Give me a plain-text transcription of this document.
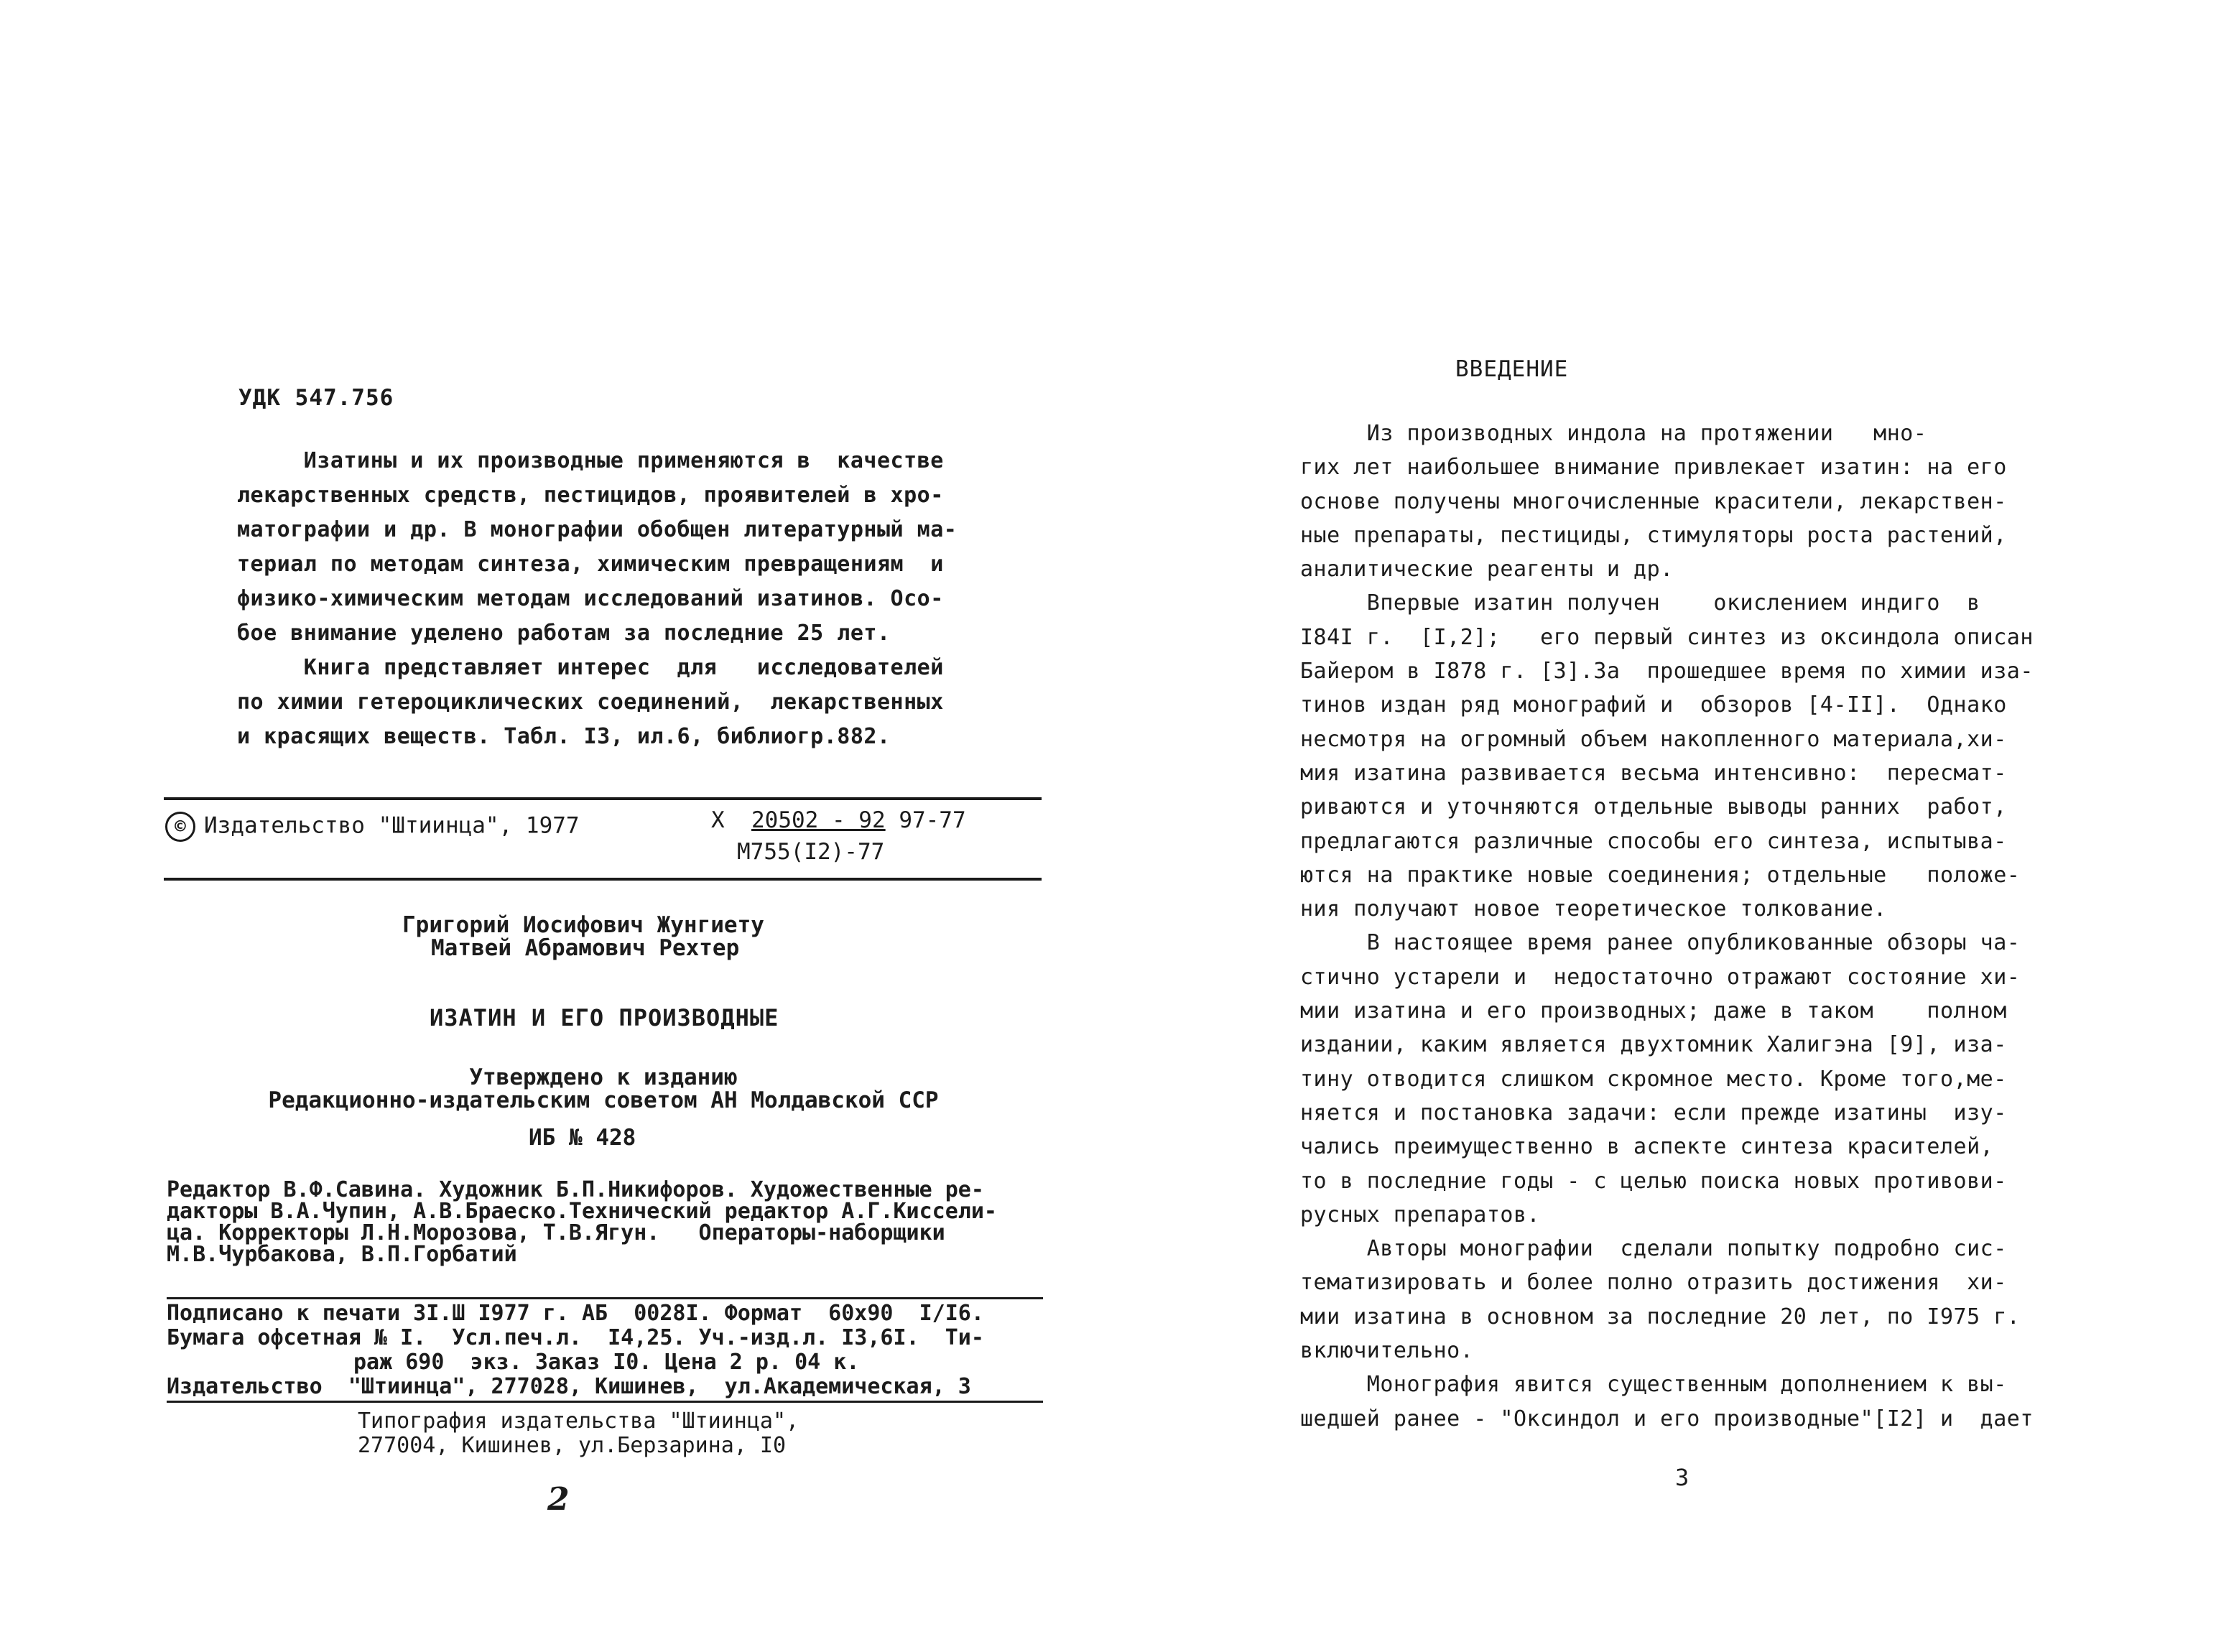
УДК 547.756
Изатины и их производные применяются в  качестве
лекарственных средств, пестицидов, проявителей в хро-
матографии и др. В монографии обобщен литературный ма-
териал по методам синтеза, химическим превращениям  и
физико-химическим методам исследований изатинов. Осо-
бое внимание уделено работам за последние 25 лет.
Книга представляет интерес  для   исследователей
по химии гетероциклических соединений,  лекарственных
и красящих веществ. Табл. I3, ил.6, библиогр.882.
© Издательство "Штиинца", 1977	Х 20502 - 92 97-77
М755(I2)-77
Григорий Иосифович Жунгиету
Матвей Абрамович Рехтер
ИЗАТИН И ЕГО ПРОИЗВОДНЫЕ
Утверждено к изданию
Редакционно-издательским советом АН Молдавской ССР
ИБ № 428
Редактор В.Ф.Савина. Художник Б.П.Никифоров. Художественные ре-
дакторы В.А.Чупин, А.В.Браеско.Технический редактор А.Г.Киссели-
ца. Корректоры Л.Н.Морозова, Т.В.Ягун.   Операторы-наборщики
М.В.Чурбакова, В.П.Горбатий
Подписано к печати 3I.Ш I977 г. АБ  0028I. Формат  60х90  I/I6.
Бумага офсетная № I.  Усл.печ.л.  I4,25. Уч.-изд.л. I3,6I.  Ти-
раж 690  экз. Заказ I0. Цена 2 р. 04 к.
Издательство  "Штиинца", 277028, Кишинев,  ул.Академическая, 3
Типография издательства "Штиинца",
277004, Кишинев, ул.Берзарина, I0
2
ВВЕДЕНИЕ
Из производных индола на протяжении   мно-
гих лет наибольшее внимание привлекает изатин: на его
основе получены многочисленные красители, лекарствен-
ные препараты, пестициды, стимуляторы роста растений,
аналитические реагенты и др.
Впервые изатин получен    окислением индиго  в
I84I г.  [I,2];   его первый синтез из оксиндола описан
Байером в I878 г. [3].За  прошедшее время по химии иза-
тинов издан ряд монографий и  обзоров [4-II].  Однако
несмотря на огромный объем накопленного материала,хи-
мия изатина развивается весьма интенсивно:  пересмат-
риваются и уточняются отдельные выводы ранних  работ,
предлагаются различные способы его синтеза, испытыва-
ются на практике новые соединения; отдельные   положе-
ния получают новое теоретическое толкование.
В настоящее время ранее опубликованные обзоры ча-
стично устарели и  недостаточно отражают состояние хи-
мии изатина и его производных; даже в таком    полном
издании, каким является двухтомник Халигэна [9], иза-
тину отводится слишком скромное место. Кроме того,ме-
няется и постановка задачи: если прежде изатины  изу-
чались преимущественно в аспекте синтеза красителей,
то в последние годы - с целью поиска новых противови-
русных препаратов.
Авторы монографии  сделали попытку подробно сис-
тематизировать и более полно отразить достижения  хи-
мии изатина в основном за последние 20 лет, по I975 г.
включительно.
Монография явится существенным дополнением к вы-
шедшей ранее - "Оксиндол и его производные"[I2] и  дает
3
